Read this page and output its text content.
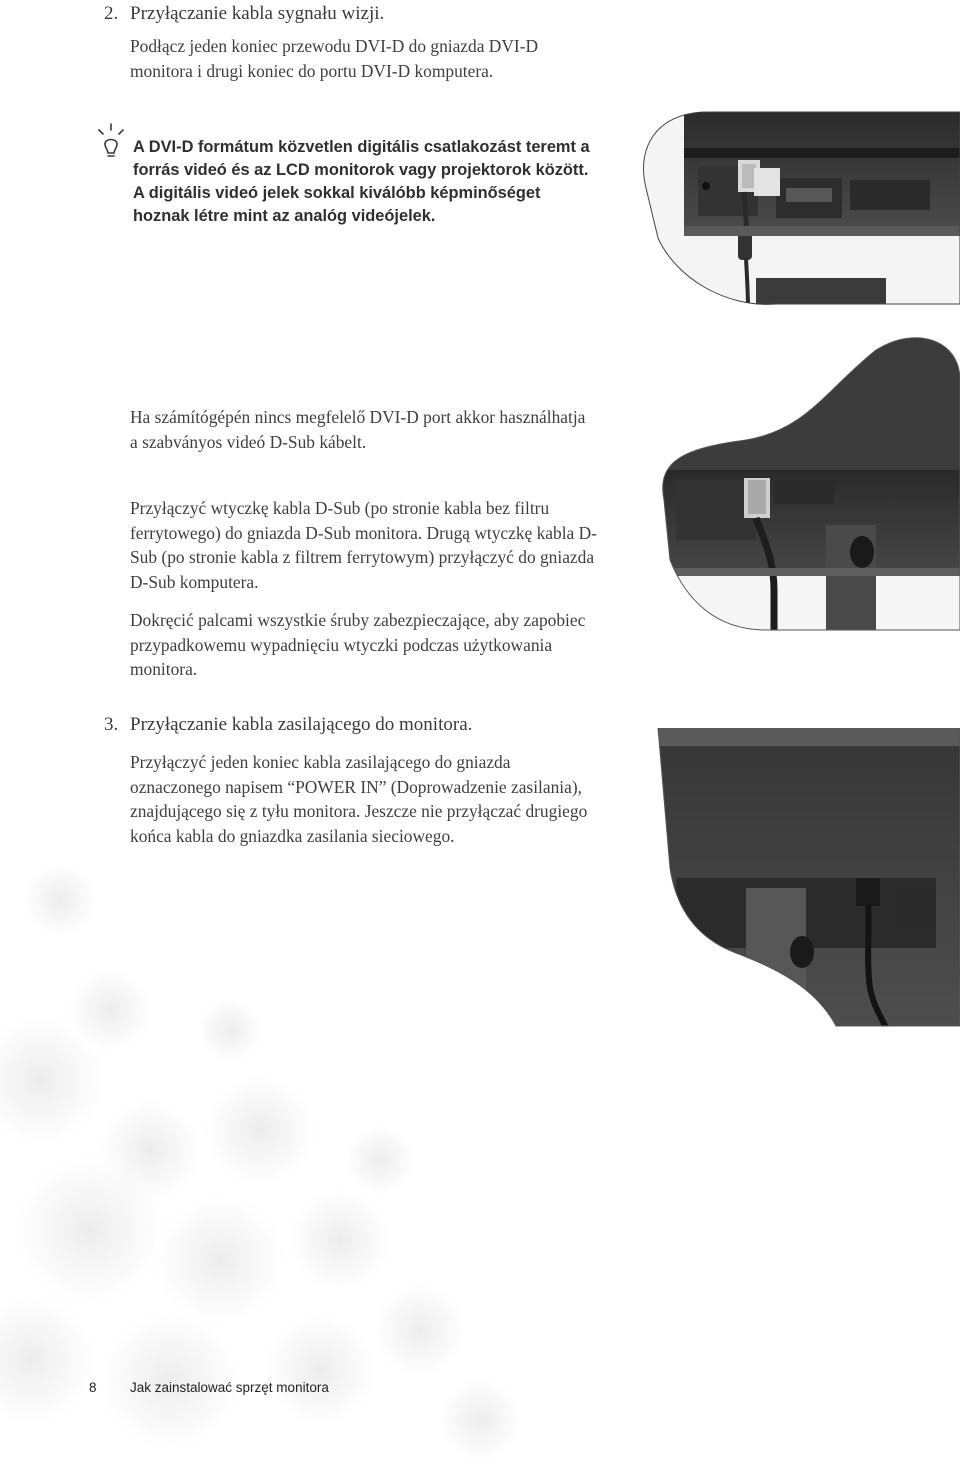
2. Przyłączanie kabla sygnału wizji.

Podłącz jeden koniec przewodu DVI-D do gniazda DVI-D monitora i drugi koniec do portu DVI-D komputera.

A DVI-D formátum közvetlen digitális csatlakozást teremt a forrás videó és az LCD monitorok vagy projektorok között. A digitális videó jelek sokkal kiválóbb képminőséget hoznak létre mint az analóg videójelek.

Ha számítógépén nincs megfelelő DVI-D port akkor használhatja a szabványos videó D-Sub kábelt.

Przyłączyć wtyczkę kabla D-Sub (po stronie kabla bez filtru ferrytowego) do gniazda D-Sub monitora. Drugą wtyczkę kabla D-Sub (po stronie kabla z filtrem ferrytowym) przyłączyć do gniazda D-Sub komputera.

Dokręcić palcami wszystkie śruby zabezpieczające, aby zapobiec przypadkowemu wypadnięciu wtyczki podczas użytkowania monitora.

3. Przyłączanie kabla zasilającego do monitora.

Przyłączyć jeden koniec kabla zasilającego do gniazda oznaczonego napisem “POWER IN” (Doprowadzenie zasilania), znajdującego się z tyłu monitora. Jeszcze nie przyłączać drugiego końca kabla do gniazdka zasilania sieciowego.

8 Jak zainstalować sprzęt monitora
